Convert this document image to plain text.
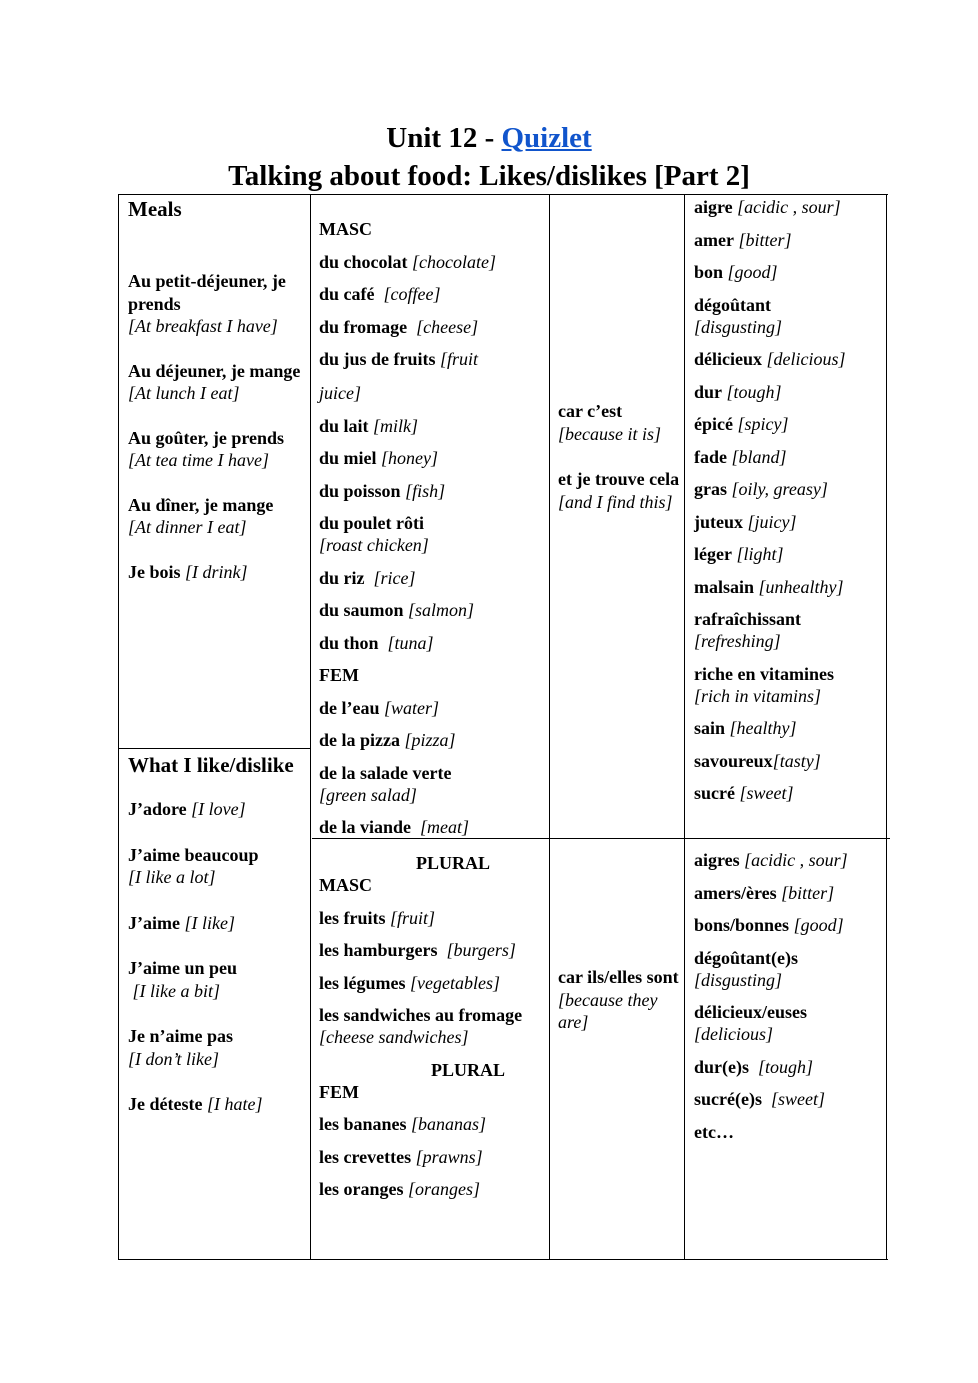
Unit 12 - Quizlet
Talking about food: Likes/dislikes [Part 2]

Meals

Au petit-déjeuner, je prends
[At breakfast I have]

Au déjeuner, je mange
[At lunch I eat]

Au goûter, je prends
[At tea time I have]

Au dîner, je mange
[At dinner I eat]

Je bois [I drink]

What I like/dislike

J’adore [I love]

J’aime beaucoup
[I like a lot]

J’aime [I like]

J’aime un peu
[I like a bit]

Je n’aime pas
[I don’t like]

Je déteste [I hate]

MASC

du chocolat [chocolate]

du café  [coffee]

du fromage  [cheese]

du jus de fruits [fruit

juice]

du lait [milk]

du miel [honey]

du poisson [fish]

du poulet rôti
[roast chicken]

du riz  [rice]

du saumon [salmon]

du thon  [tuna]

FEM

de l’eau [water]

de la pizza [pizza]

de la salade verte
[green salad]

de la viande  [meat]

PLURAL

MASC

les fruits [fruit]

les hamburgers  [burgers]

les légumes [vegetables]

les sandwiches au fromage [cheese sandwiches]

PLURAL

FEM

les bananes [bananas]

les crevettes [prawns]

les oranges [oranges]

car c’est
[because it is]

et je trouve cela [and I find this]

car ils/elles sont
[because they are]

aigre [acidic , sour]

amer [bitter]

bon [good]

dégoûtant
[disgusting]

délicieux [delicious]

dur [tough]

épicé [spicy]

fade [bland]

gras [oily, greasy]

juteux [juicy]

léger [light]

malsain [unhealthy]

rafraîchissant
[refreshing]

riche en vitamines
[rich in vitamins]

sain [healthy]

savoureux[tasty]

sucré [sweet]

aigres [acidic , sour]

amers/ères [bitter]

bons/bonnes [good]

dégoûtant(e)s
[disgusting]

délicieux/euses
[delicious]

dur(e)s  [tough]

sucré(e)s  [sweet]

etc…
